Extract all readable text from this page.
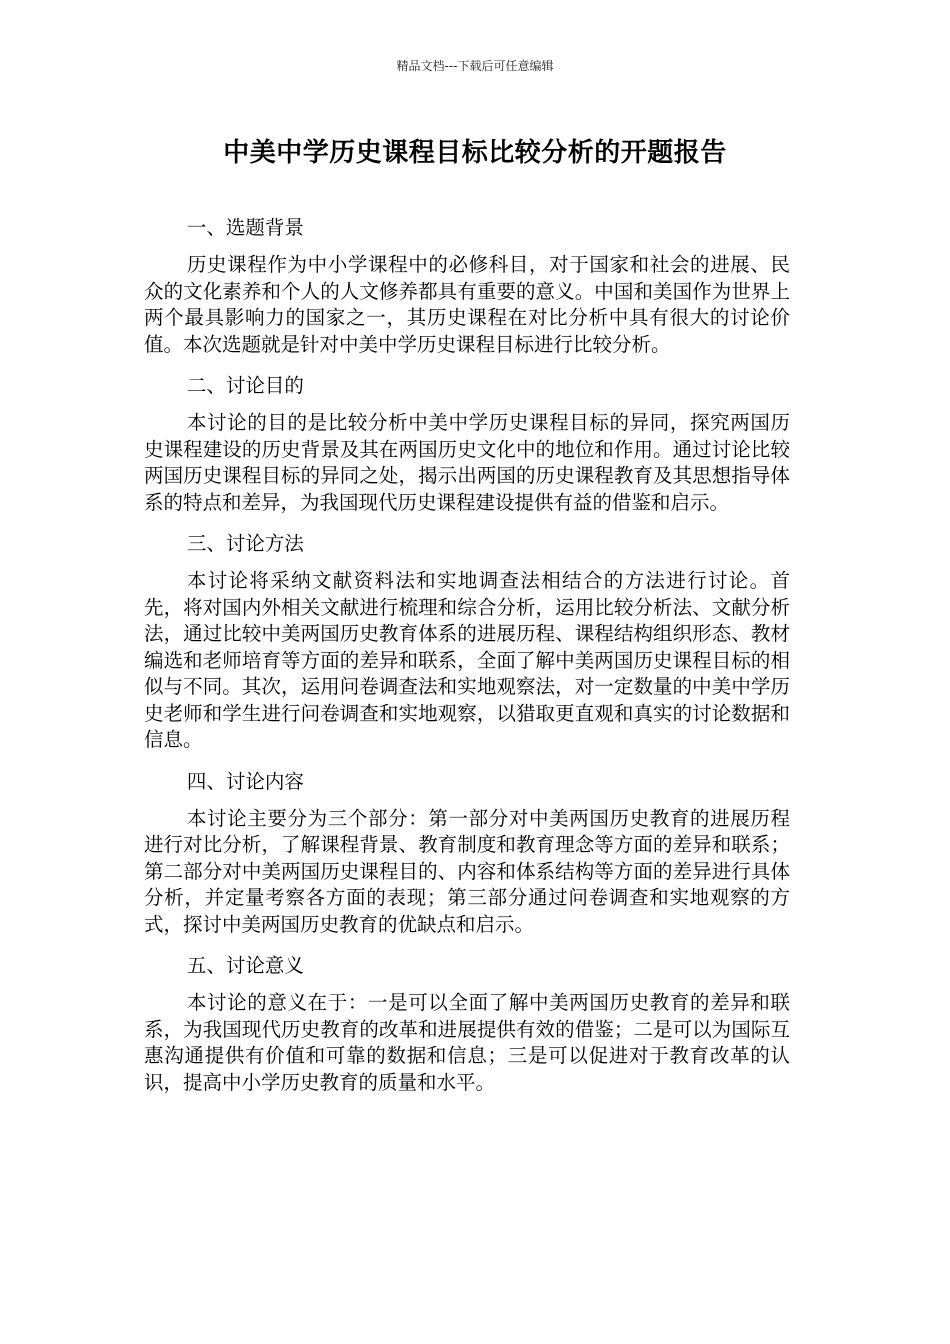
精品文档---下载后可任意编辑
中美中学历史课程目标比较分析的开题报告
一、选题背景

历史课程作为中小学课程中的必修科目，对于国家和社会的进展、民众的文化素养和个人的人文修养都具有重要的意义。中国和美国作为世界上两个最具影响力的国家之一，其历史课程在对比分析中具有很大的讨论价值。本次选题就是针对中美中学历史课程目标进行比较分析。

二、讨论目的

本讨论的目的是比较分析中美中学历史课程目标的异同，探究两国历史课程建设的历史背景及其在两国历史文化中的地位和作用。通过讨论比较两国历史课程目标的异同之处，揭示出两国的历史课程教育及其思想指导体系的特点和差异，为我国现代历史课程建设提供有益的借鉴和启示。

三、讨论方法

本讨论将采纳文献资料法和实地调查法相结合的方法进行讨论。首先，将对国内外相关文献进行梳理和综合分析，运用比较分析法、文献分析法，通过比较中美两国历史教育体系的进展历程、课程结构组织形态、教材编选和老师培育等方面的差异和联系，全面了解中美两国历史课程目标的相似与不同。其次，运用问卷调查法和实地观察法，对一定数量的中美中学历史老师和学生进行问卷调查和实地观察，以猎取更直观和真实的讨论数据和信息。

四、讨论内容

本讨论主要分为三个部分：第一部分对中美两国历史教育的进展历程进行对比分析，了解课程背景、教育制度和教育理念等方面的差异和联系；第二部分对中美两国历史课程目的、内容和体系结构等方面的差异进行具体分析，并定量考察各方面的表现；第三部分通过问卷调查和实地观察的方式，探讨中美两国历史教育的优缺点和启示。

五、讨论意义

本讨论的意义在于：一是可以全面了解中美两国历史教育的差异和联系，为我国现代历史教育的改革和进展提供有效的借鉴；二是可以为国际互惠沟通提供有价值和可靠的数据和信息；三是可以促进对于教育改革的认识，提高中小学历史教育的质量和水平。
